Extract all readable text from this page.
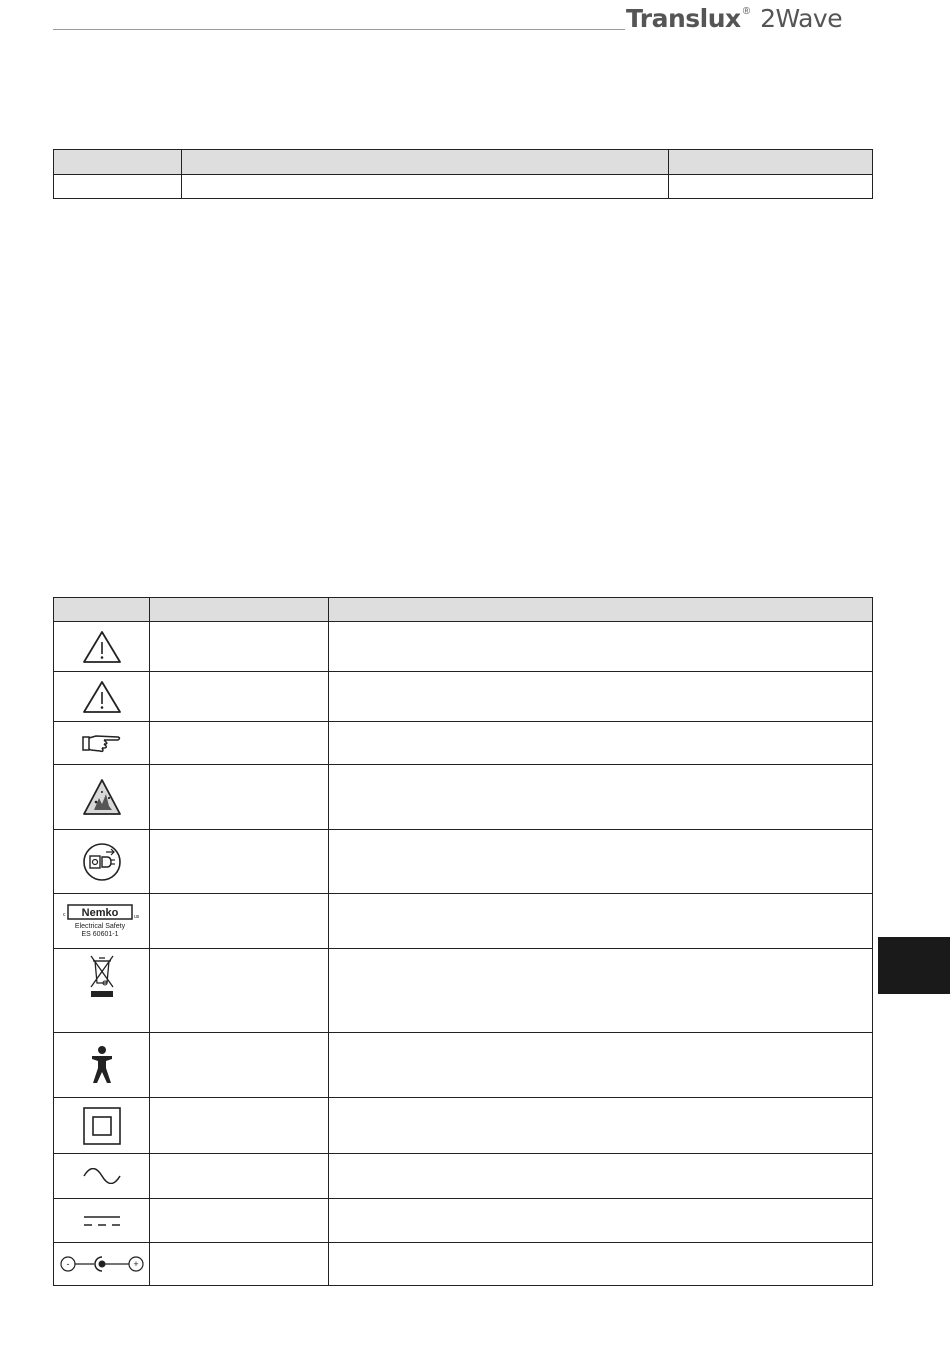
Translux ® 2Wave

c Nemko us
Electrical Safety
ES 60601-1		

- +		
